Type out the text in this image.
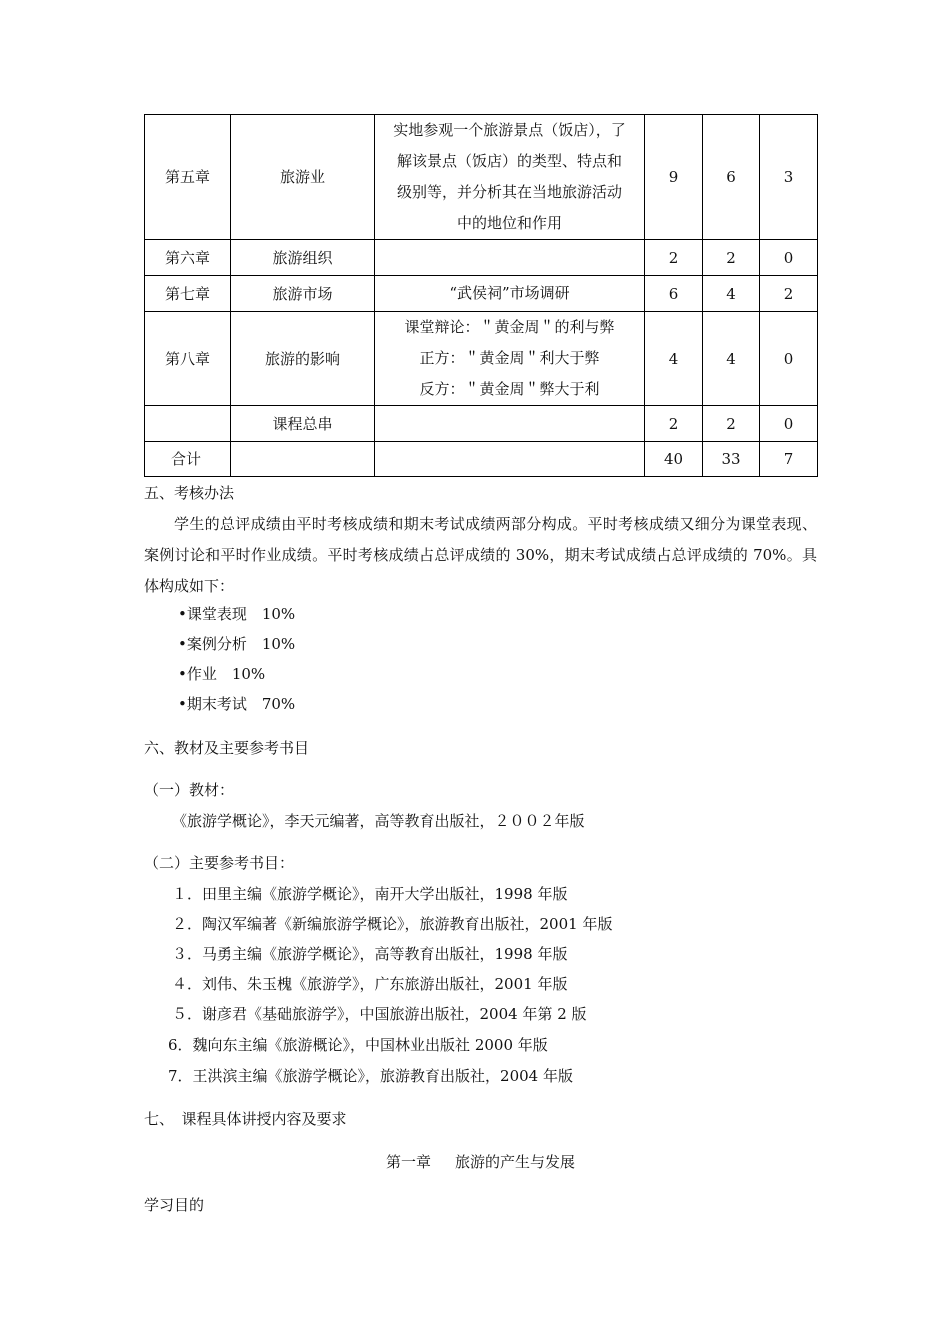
第五章	旅游业	实地参观一个旅游景点（饭店），了
解该景点（饭店）的类型、特点和
级别等，并分析其在当地旅游活动
中的地位和作用	9	6	3
第六章	旅游组织		2	2	0
第七章	旅游市场	“武侯祠”市场调研	6	4	2
第八章	旅游的影响	课堂辩论：＂黄金周＂的利与弊
正方：＂黄金周＂利大于弊
反方：＂黄金周＂弊大于利	4	4	0
	课程总串		2	2	0
合计			40	33	7
五、考核办法
学生的总评成绩由平时考核成绩和期末考试成绩两部分构成。平时考核成绩又细分为课堂表现、案例讨论和平时作业成绩。平时考核成绩占总评成绩的 30%，期末考试成绩占总评成绩的 70%。具体构成如下：
•课堂表现　10%
•案例分析　10%
•作业　10%
•期末考试　70%
六、教材及主要参考书目
（一）教材：
《旅游学概论》，李天元编著，高等教育出版社，２００２年版
（二）主要参考书目：
１．田里主编《旅游学概论》，南开大学出版社，1998 年版
２．陶汉军编著《新编旅游学概论》，旅游教育出版社，2001 年版
３．马勇主编《旅游学概论》，高等教育出版社，1998 年版
４．刘伟、朱玉槐《旅游学》，广东旅游出版社，2001 年版
５．谢彦君《基础旅游学》，中国旅游出版社，2004 年第 2 版
6．魏向东主编《旅游概论》，中国林业出版社 2000 年版
7．王洪滨主编《旅游学概论》，旅游教育出版社，2004 年版
七、　课程具体讲授内容及要求
第一章 旅游的产生与发展
学习目的
